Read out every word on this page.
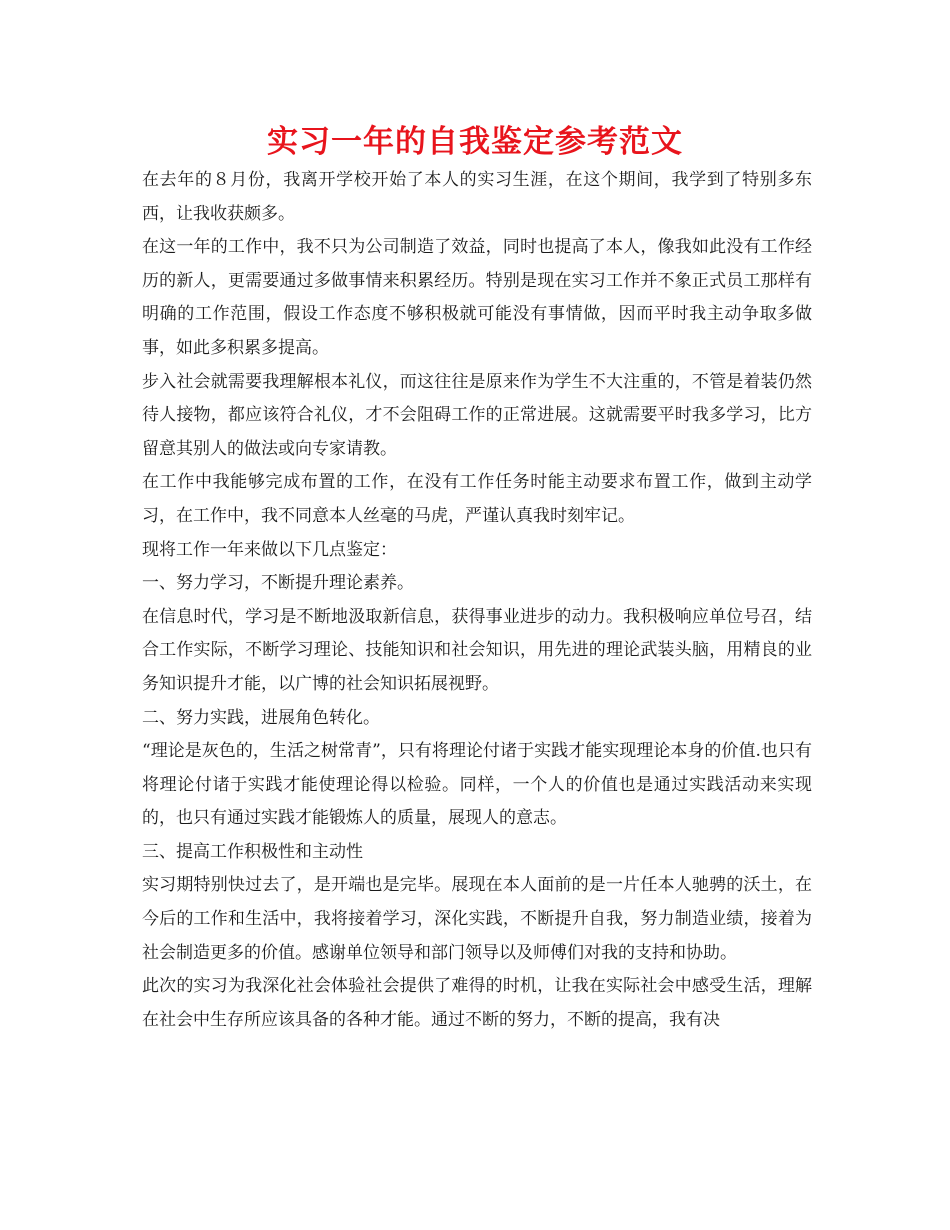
实习一年的自我鉴定参考范文

在去年的８月份，我离开学校开始了本人的实习生涯，在这个期间，我学到了特别多东西，让我收获颇多。

在这一年的工作中，我不只为公司制造了效益，同时也提高了本人，像我如此没有工作经历的新人，更需要通过多做事情来积累经历。特别是现在实习工作并不象正式员工那样有明确的工作范围，假设工作态度不够积极就可能没有事情做，因而平时我主动争取多做事，如此多积累多提高。

步入社会就需要我理解根本礼仪，而这往往是原来作为学生不大注重的，不管是着装仍然待人接物，都应该符合礼仪，才不会阻碍工作的正常进展。这就需要平时我多学习，比方留意其别人的做法或向专家请教。

在工作中我能够完成布置的工作，在没有工作任务时能主动要求布置工作，做到主动学习，在工作中，我不同意本人丝毫的马虎，严谨认真我时刻牢记。

现将工作一年来做以下几点鉴定：

一、努力学习，不断提升理论素养。

在信息时代，学习是不断地汲取新信息，获得事业进步的动力。我积极响应单位号召，结合工作实际，不断学习理论、技能知识和社会知识，用先进的理论武装头脑，用精良的业务知识提升才能，以广博的社会知识拓展视野。

二、努力实践，进展角色转化。

“理论是灰色的，生活之树常青”，只有将理论付诸于实践才能实现理论本身的价值.也只有将理论付诸于实践才能使理论得以检验。同样，一个人的价值也是通过实践活动来实现的，也只有通过实践才能锻炼人的质量，展现人的意志。

三、提高工作积极性和主动性

实习期特别快过去了，是开端也是完毕。展现在本人面前的是一片任本人驰骋的沃土，在今后的工作和生活中，我将接着学习，深化实践，不断提升自我，努力制造业绩，接着为社会制造更多的价值。感谢单位领导和部门领导以及师傅们对我的支持和协助。

此次的实习为我深化社会体验社会提供了难得的时机，让我在实际社会中感受生活，理解在社会中生存所应该具备的各种才能。通过不断的努力，不断的提高，我有决
